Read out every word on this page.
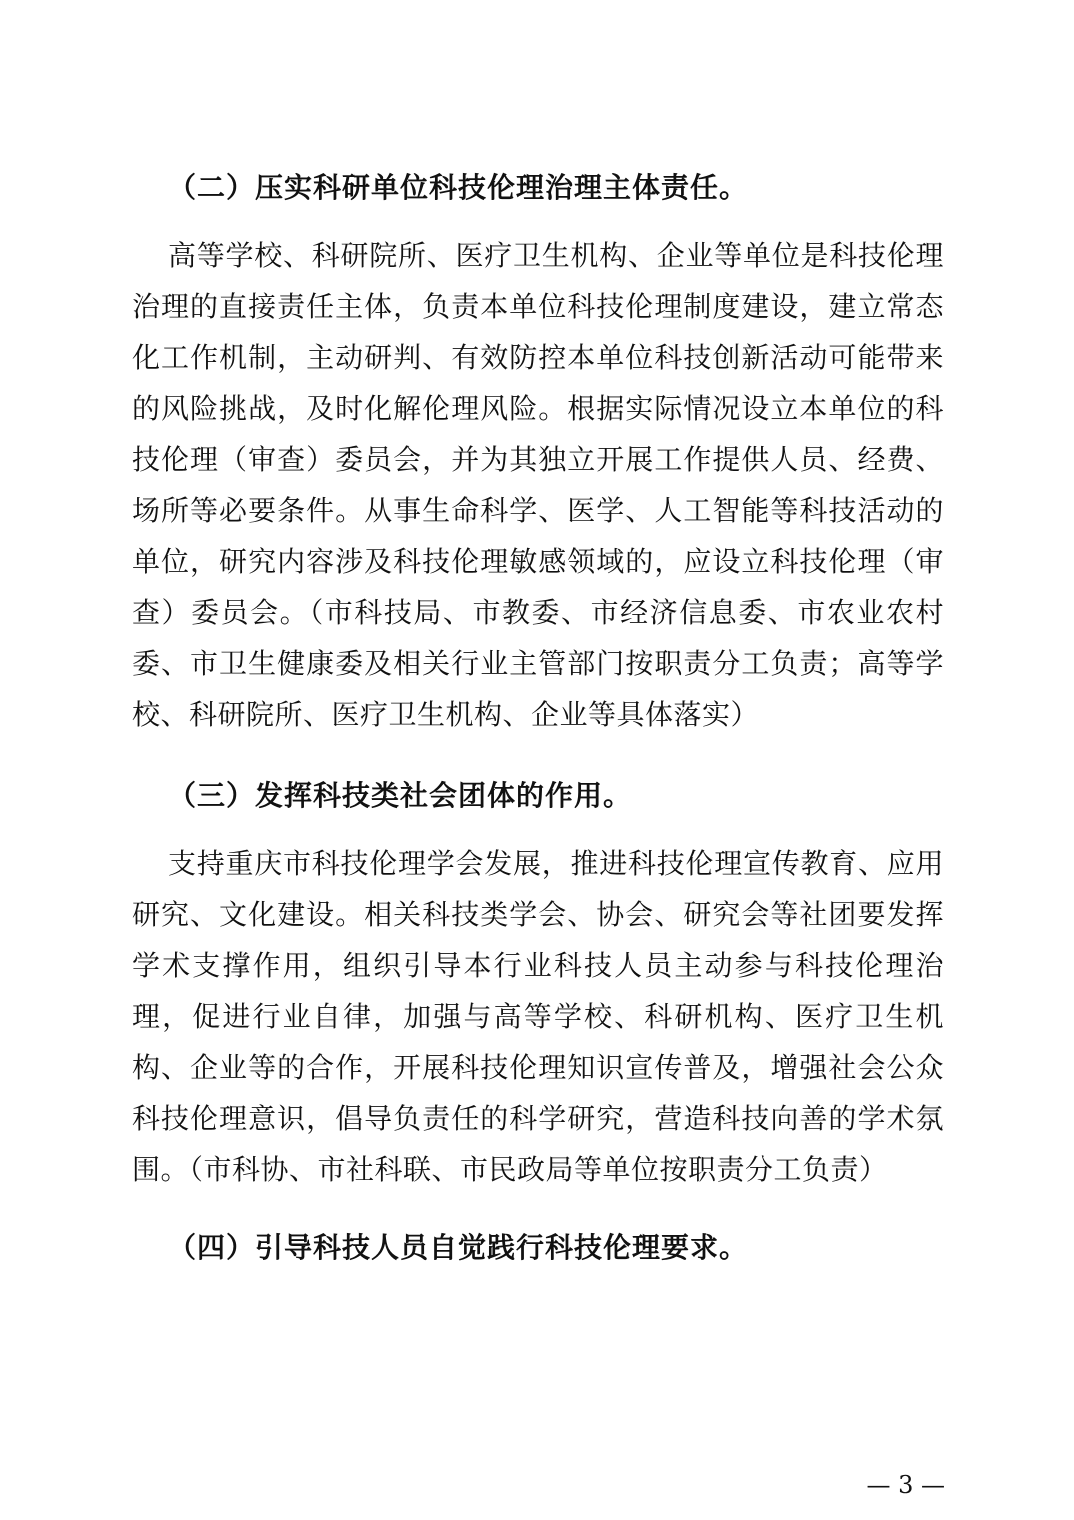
（二）压实科研单位科技伦理治理主体责任。
高等学校、科研院所、医疗卫生机构、企业等单位是科技伦理治理的直接责任主体，负责本单位科技伦理制度建设，建立常态化工作机制，主动研判、有效防控本单位科技创新活动可能带来的风险挑战，及时化解伦理风险。根据实际情况设立本单位的科技伦理（审查）委员会，并为其独立开展工作提供人员、经费、场所等必要条件。从事生命科学、医学、人工智能等科技活动的单位，研究内容涉及科技伦理敏感领域的，应设立科技伦理（审查）委员会。（市科技局、市教委、市经济信息委、市农业农村委、市卫生健康委及相关行业主管部门按职责分工负责；高等学校、科研院所、医疗卫生机构、企业等具体落实）
（三）发挥科技类社会团体的作用。
支持重庆市科技伦理学会发展，推进科技伦理宣传教育、应用研究、文化建设。相关科技类学会、协会、研究会等社团要发挥学术支撑作用，组织引导本行业科技人员主动参与科技伦理治理，促进行业自律，加强与高等学校、科研机构、医疗卫生机构、企业等的合作，开展科技伦理知识宣传普及，增强社会公众科技伦理意识，倡导负责任的科学研究，营造科技向善的学术氛围。（市科协、市社科联、市民政局等单位按职责分工负责）
（四）引导科技人员自觉践行科技伦理要求。
— 3 —
